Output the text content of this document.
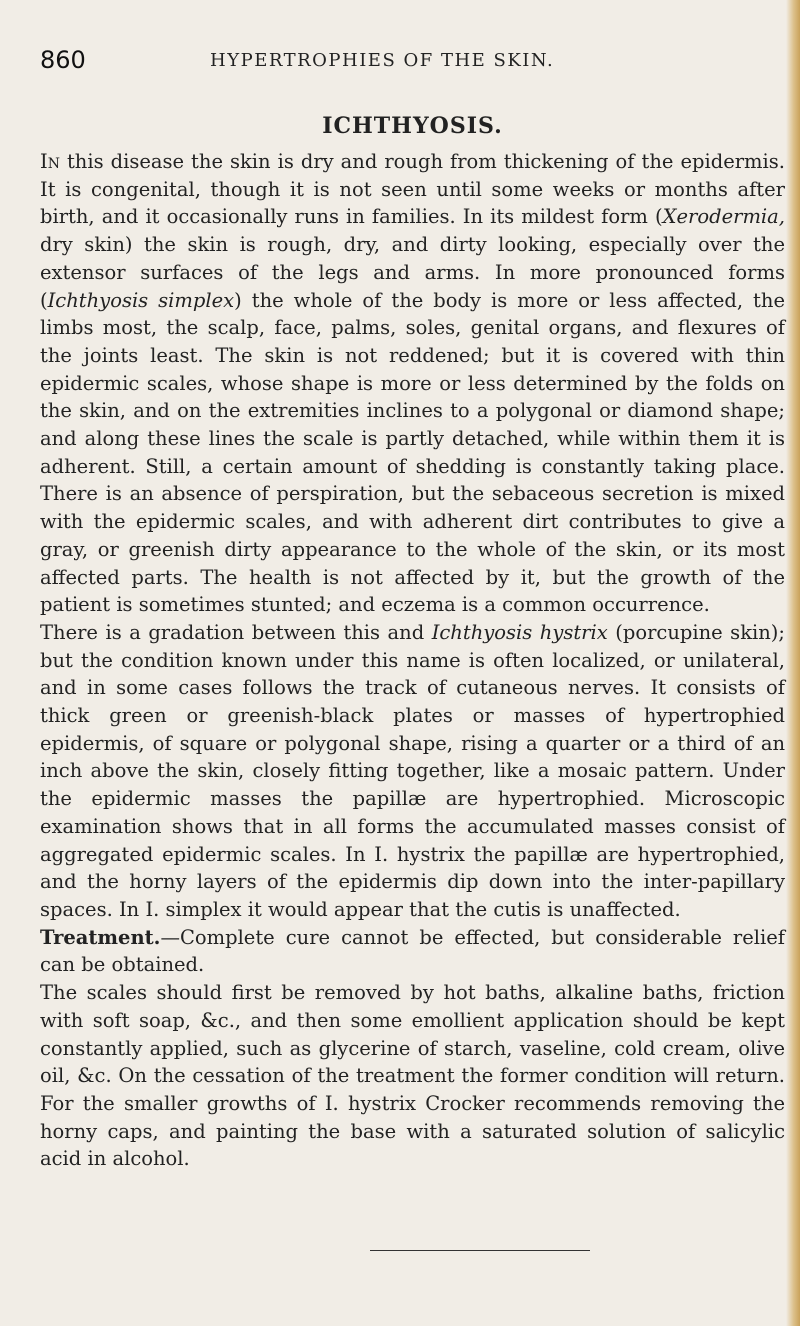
860	HYPERTROPHIES OF THE SKIN.
ICHTHYOSIS.

In this disease the skin is dry and rough from thickening of the epidermis. It is congenital, though it is not seen until some weeks or months after birth, and it occasionally runs in families. In its mildest form (Xerodermia, dry skin) the skin is rough, dry, and dirty looking, especially over the extensor surfaces of the legs and arms. In more pronounced forms (Ichthyosis simplex) the whole of the body is more or less affected, the limbs most, the scalp, face, palms, soles, genital organs, and flexures of the joints least. The skin is not reddened; but it is covered with thin epidermic scales, whose shape is more or less determined by the folds on the skin, and on the extremities inclines to a polygonal or diamond shape; and along these lines the scale is partly detached, while within them it is adherent. Still, a certain amount of shedding is constantly taking place. There is an absence of perspiration, but the sebaceous secretion is mixed with the epidermic scales, and with adherent dirt contributes to give a gray, or greenish dirty appearance to the whole of the skin, or its most affected parts. The health is not affected by it, but the growth of the patient is sometimes stunted; and eczema is a common occurrence.

There is a gradation between this and Ichthyosis hystrix (porcupine skin); but the condition known under this name is often localized, or unilateral, and in some cases follows the track of cutaneous nerves. It consists of thick green or greenish-black plates or masses of hypertrophied epidermis, of square or polygonal shape, rising a quarter or a third of an inch above the skin, closely fitting together, like a mosaic pattern. Under the epidermic masses the papillæ are hypertrophied. Microscopic examination shows that in all forms the accumulated masses consist of aggregated epidermic scales. In I. hystrix the papillæ are hypertrophied, and the horny layers of the epidermis dip down into the inter-papillary spaces. In I. simplex it would appear that the cutis is unaffected.

Treatment.—Complete cure cannot be effected, but considerable relief can be obtained.

The scales should first be removed by hot baths, alkaline baths, friction with soft soap, &c., and then some emollient application should be kept constantly applied, such as glycerine of starch, vaseline, cold cream, olive oil, &c. On the cessation of the treatment the former condition will return. For the smaller growths of I. hystrix Crocker recommends removing the horny caps, and painting the base with a saturated solution of salicylic acid in alcohol.
